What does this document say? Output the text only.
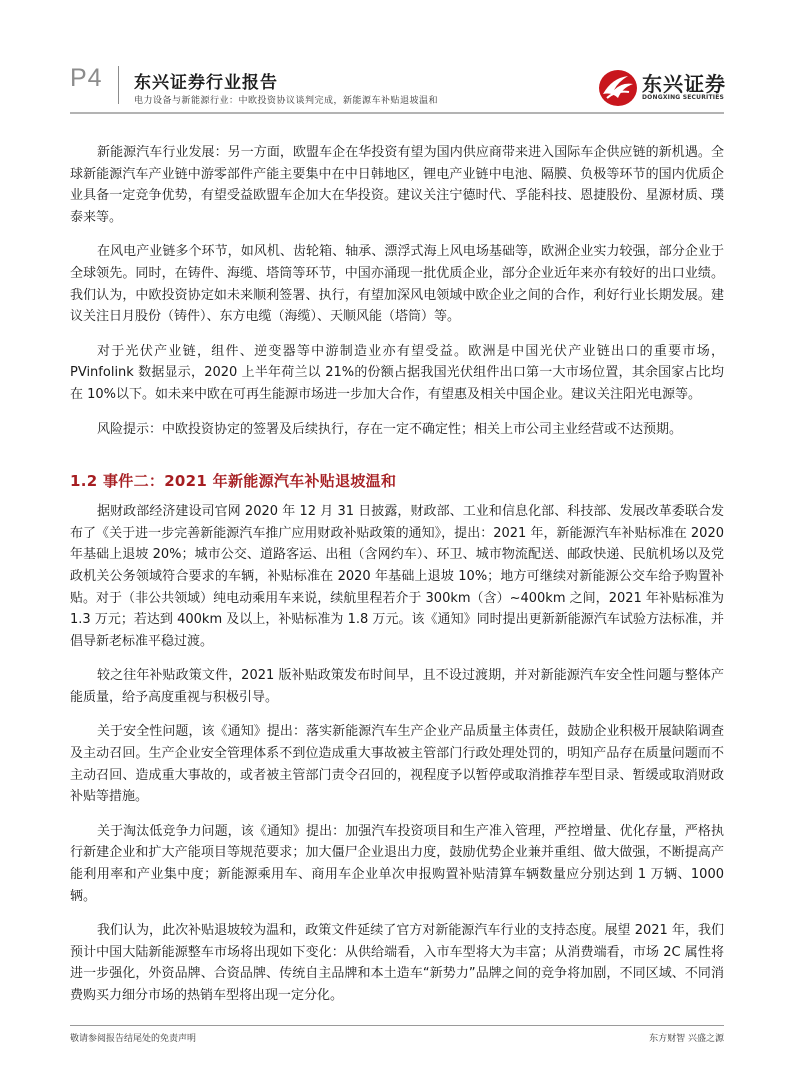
P4 东兴证券行业报告
电力设备与新能源行业：中欧投资协议谈判完成，新能源车补贴退坡温和
东兴证券
DONGXING SECURITIES

新能源汽车行业发展：另一方面，欧盟车企在华投资有望为国内供应商带来进入国际车企供应链的新机遇。全球新能源汽车产业链中游零部件产能主要集中在中日韩地区，锂电产业链中电池、隔膜、负极等环节的国内优质企业具备一定竞争优势，有望受益欧盟车企加大在华投资。建议关注宁德时代、孚能科技、恩捷股份、星源材质、璞泰来等。

在风电产业链多个环节，如风机、齿轮箱、轴承、漂浮式海上风电场基础等，欧洲企业实力较强，部分企业于全球领先。同时，在铸件、海缆、塔筒等环节，中国亦涌现一批优质企业，部分企业近年来亦有较好的出口业绩。我们认为，中欧投资协定如未来顺利签署、执行，有望加深风电领域中欧企业之间的合作，利好行业长期发展。建议关注日月股份（铸件）、东方电缆（海缆）、天顺风能（塔筒）等。

对于光伏产业链，组件、逆变器等中游制造业亦有望受益。欧洲是中国光伏产业链出口的重要市场，PVinfolink 数据显示，2020 上半年荷兰以 21%的份额占据我国光伏组件出口第一大市场位置，其余国家占比均在 10%以下。如未来中欧在可再生能源市场进一步加大合作，有望惠及相关中国企业。建议关注阳光电源等。

风险提示：中欧投资协定的签署及后续执行，存在一定不确定性；相关上市公司主业经营或不达预期。

1.2 事件二：2021 年新能源汽车补贴退坡温和

据财政部经济建设司官网 2020 年 12 月 31 日披露，财政部、工业和信息化部、科技部、发展改革委联合发布了《关于进一步完善新能源汽车推广应用财政补贴政策的通知》，提出：2021 年，新能源汽车补贴标准在 2020 年基础上退坡 20%；城市公交、道路客运、出租（含网约车）、环卫、城市物流配送、邮政快递、民航机场以及党政机关公务领域符合要求的车辆，补贴标准在 2020 年基础上退坡 10%；地方可继续对新能源公交车给予购置补贴。对于（非公共领域）纯电动乘用车来说，续航里程若介于 300km（含）~400km 之间，2021 年补贴标准为 1.3 万元；若达到 400km 及以上，补贴标准为 1.8 万元。该《通知》同时提出更新新能源汽车试验方法标准，并倡导新老标准平稳过渡。

较之往年补贴政策文件，2021 版补贴政策发布时间早，且不设过渡期，并对新能源汽车安全性问题与整体产能质量，给予高度重视与积极引导。

关于安全性问题，该《通知》提出：落实新能源汽车生产企业产品质量主体责任，鼓励企业积极开展缺陷调查及主动召回。生产企业安全管理体系不到位造成重大事故被主管部门行政处理处罚的，明知产品存在质量问题而不主动召回、造成重大事故的，或者被主管部门责令召回的，视程度予以暂停或取消推荐车型目录、暂缓或取消财政补贴等措施。

关于淘汰低竞争力问题，该《通知》提出：加强汽车投资项目和生产准入管理，严控增量、优化存量，严格执行新建企业和扩大产能项目等规范要求；加大僵尸企业退出力度，鼓励优势企业兼并重组、做大做强，不断提高产能利用率和产业集中度；新能源乘用车、商用车企业单次申报购置补贴清算车辆数量应分别达到 1 万辆、1000 辆。

我们认为，此次补贴退坡较为温和，政策文件延续了官方对新能源汽车行业的支持态度。展望 2021 年，我们预计中国大陆新能源整车市场将出现如下变化：从供给端看，入市车型将大为丰富；从消费端看，市场 2C 属性将进一步强化，外资品牌、合资品牌、传统自主品牌和本土造车“新势力”品牌之间的竞争将加剧，不同区域、不同消费购买力细分市场的热销车型将出现一定分化。

敬请参阅报告结尾处的免责声明	东方财智 兴盛之源
